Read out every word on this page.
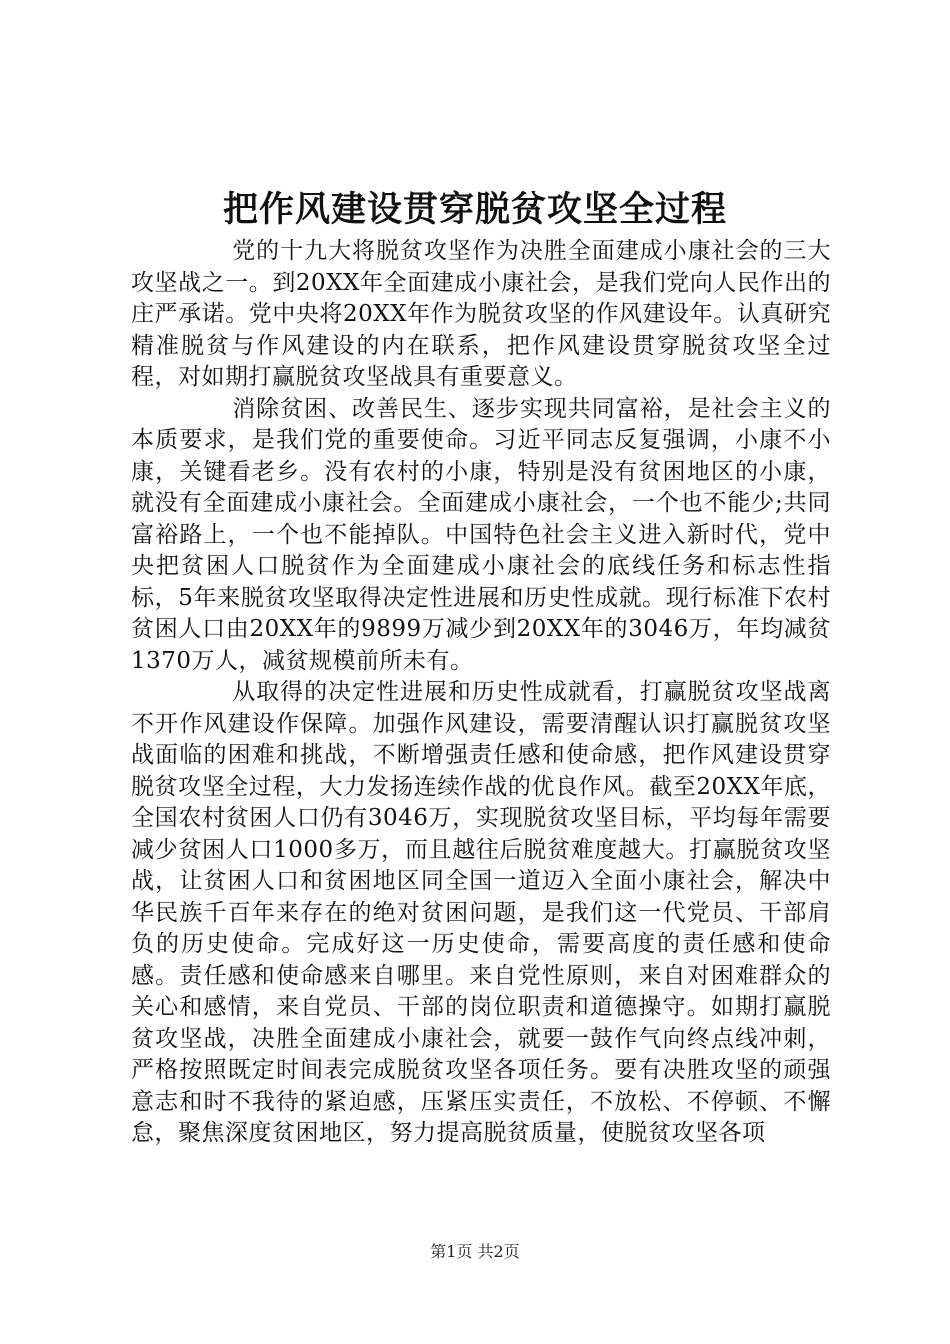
把作风建设贯穿脱贫攻坚全过程

党的十九大将脱贫攻坚作为决胜全面建成小康社会的三大攻坚战之一。到20XX年全面建成小康社会，是我们党向人民作出的庄严承诺。党中央将20XX年作为脱贫攻坚的作风建设年。认真研究精准脱贫与作风建设的内在联系，把作风建设贯穿脱贫攻坚全过程，对如期打赢脱贫攻坚战具有重要意义。

消除贫困、改善民生、逐步实现共同富裕，是社会主义的本质要求，是我们党的重要使命。习近平同志反复强调，小康不小康，关键看老乡。没有农村的小康，特别是没有贫困地区的小康，就没有全面建成小康社会。全面建成小康社会，一个也不能少;共同富裕路上，一个也不能掉队。中国特色社会主义进入新时代，党中央把贫困人口脱贫作为全面建成小康社会的底线任务和标志性指标，5年来脱贫攻坚取得决定性进展和历史性成就。现行标准下农村贫困人口由20XX年的9899万减少到20XX年的3046万，年均减贫1370万人，减贫规模前所未有。

从取得的决定性进展和历史性成就看，打赢脱贫攻坚战离不开作风建设作保障。加强作风建设，需要清醒认识打赢脱贫攻坚战面临的困难和挑战，不断增强责任感和使命感，把作风建设贯穿脱贫攻坚全过程，大力发扬连续作战的优良作风。截至20XX年底，全国农村贫困人口仍有3046万，实现脱贫攻坚目标，平均每年需要减少贫困人口1000多万，而且越往后脱贫难度越大。打赢脱贫攻坚战，让贫困人口和贫困地区同全国一道迈入全面小康社会，解决中华民族千百年来存在的绝对贫困问题，是我们这一代党员、干部肩负的历史使命。完成好这一历史使命，需要高度的责任感和使命感。责任感和使命感来自哪里。来自党性原则，来自对困难群众的关心和感情，来自党员、干部的岗位职责和道德操守。如期打赢脱贫攻坚战，决胜全面建成小康社会，就要一鼓作气向终点线冲刺，严格按照既定时间表完成脱贫攻坚各项任务。要有决胜攻坚的顽强意志和时不我待的紧迫感，压紧压实责任，不放松、不停顿、不懈怠，聚焦深度贫困地区，努力提高脱贫质量，使脱贫攻坚各项

第1页 共2页
